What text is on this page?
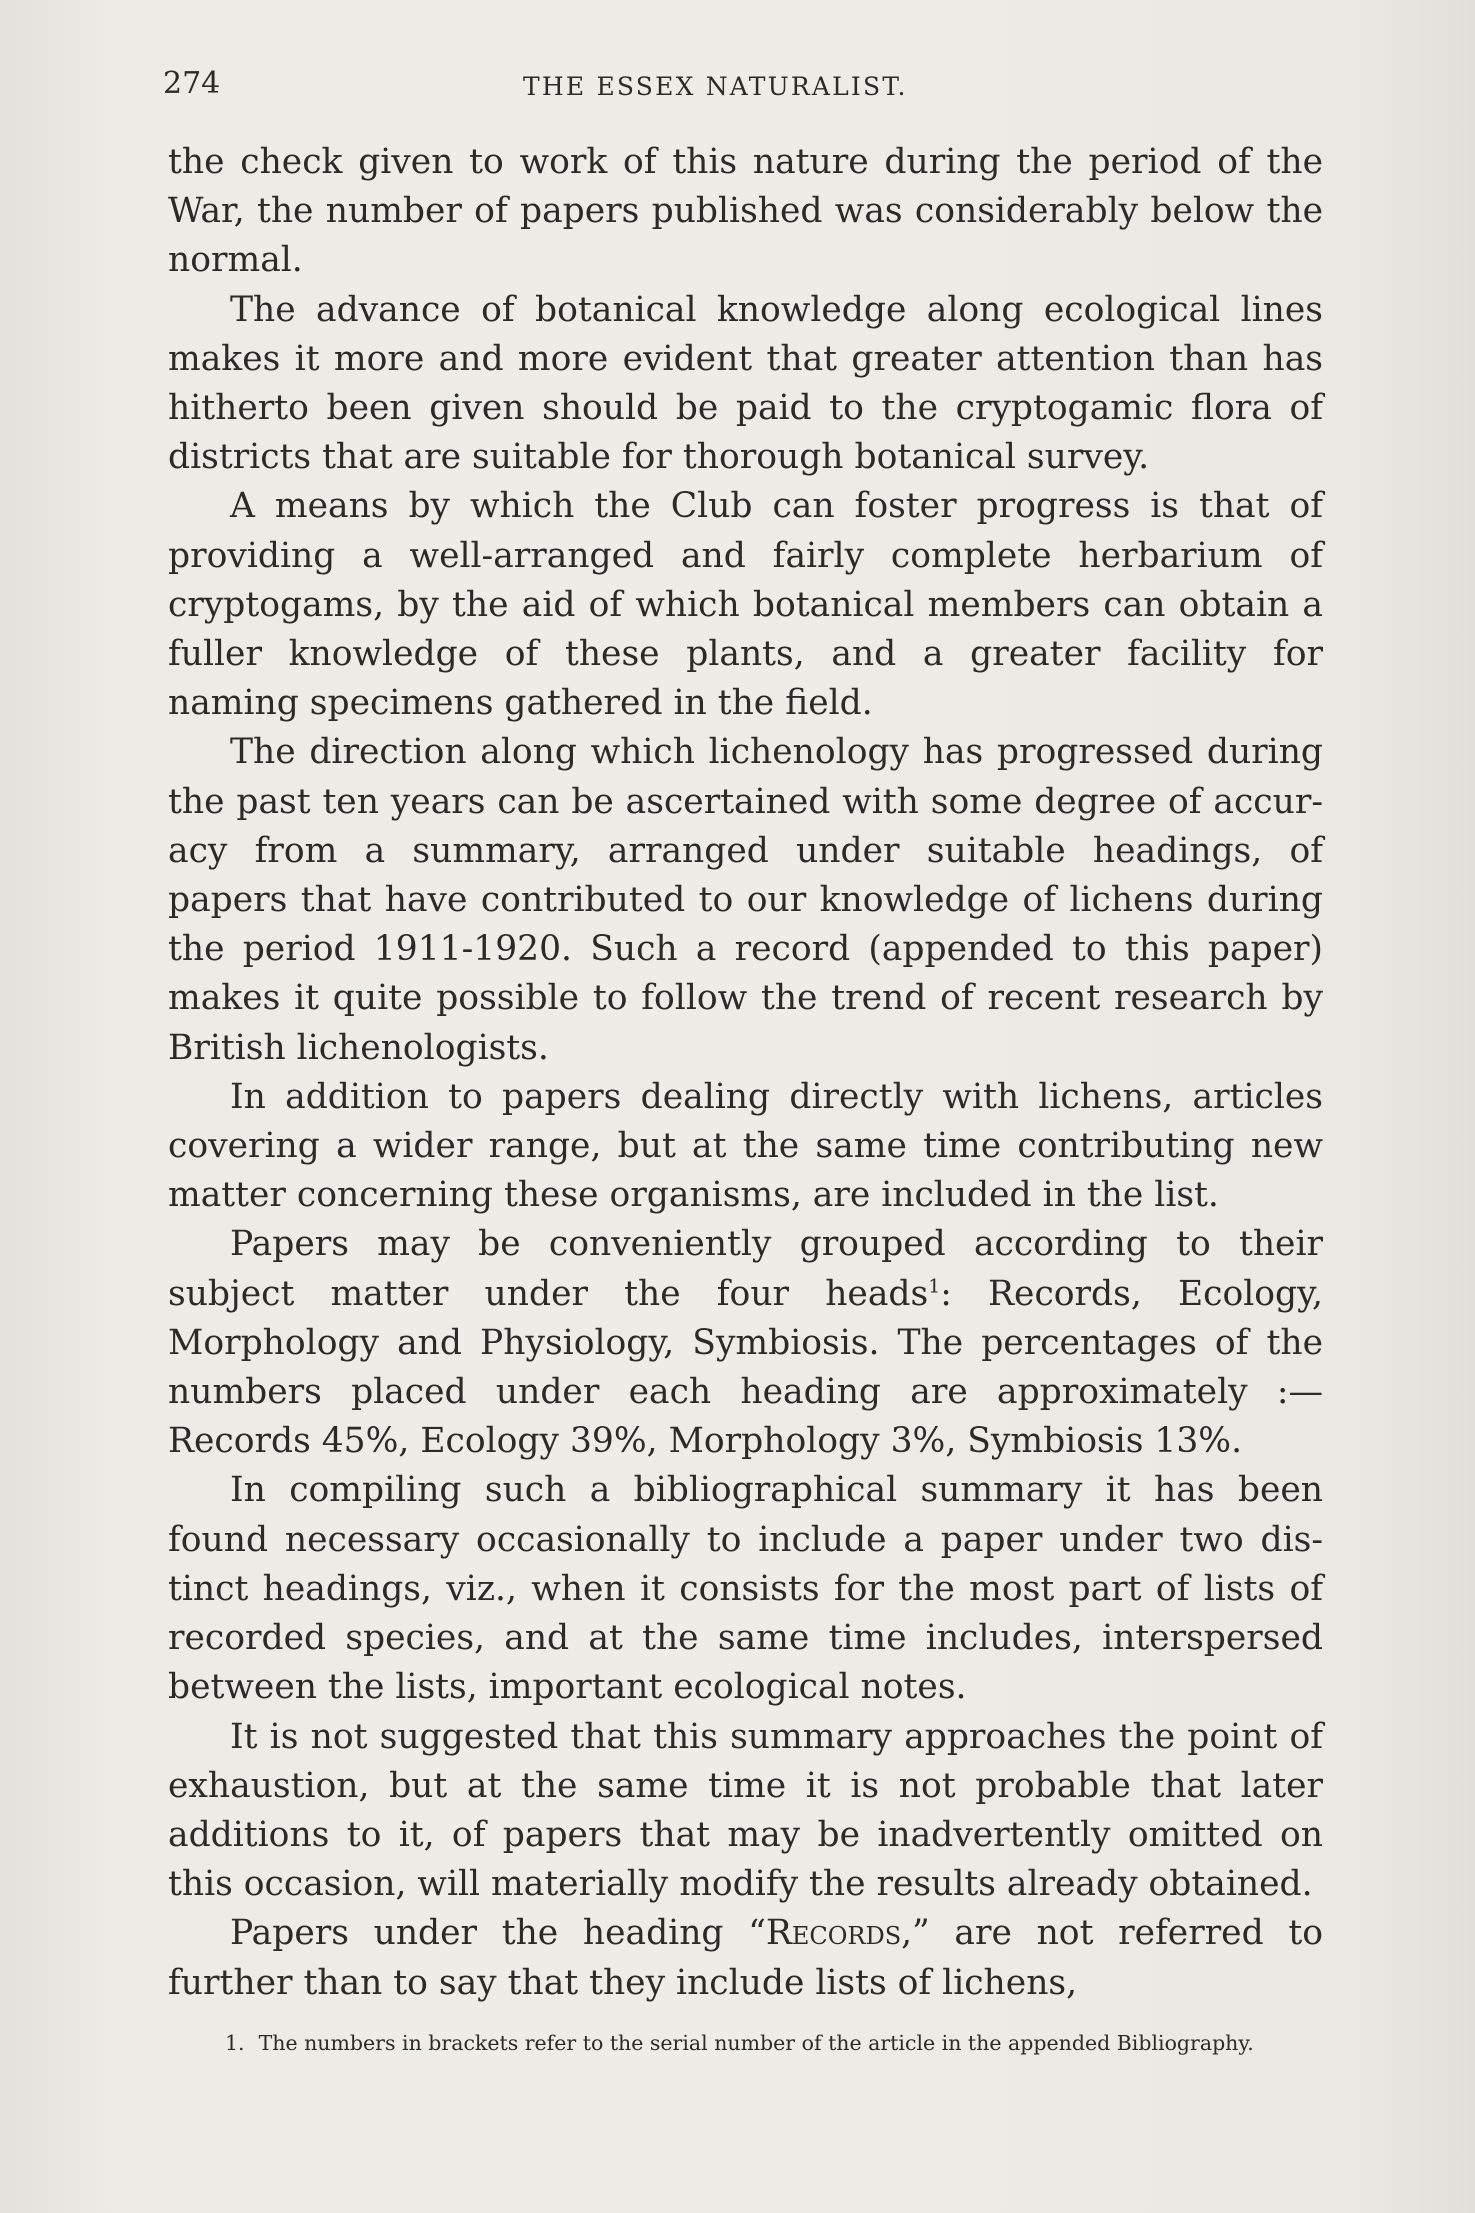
274	THE ESSEX NATURALIST.

the check given to work of this nature during the period of the War, the number of papers published was considerably below the normal.

The advance of botanical knowledge along ecological lines makes it more and more evident that greater attention than has hitherto been given should be paid to the cryptogamic flora of districts that are suitable for thorough botanical survey.

A means by which the Club can foster progress is that of providing a well-arranged and fairly complete herbarium of cryptogams, by the aid of which botanical members can obtain a fuller knowledge of these plants, and a greater facility for naming specimens gathered in the field.

The direction along which lichenology has progressed during the past ten years can be ascertained with some degree of accuracy from a summary, arranged under suitable headings, of papers that have contributed to our knowledge of lichens during the period 1911-1920. Such a record (appended to this paper) makes it quite possible to follow the trend of recent research by British lichenologists.

In addition to papers dealing directly with lichens, articles covering a wider range, but at the same time contributing new matter concerning these organisms, are included in the list.

Papers may be conveniently grouped according to their subject matter under the four heads$^1$: Records, Ecology, Morphology and Physiology, Symbiosis. The percentages of the numbers placed under each heading are approximately :— Records 45%, Ecology 39%, Morphology 3%, Symbiosis 13%.

In compiling such a bibliographical summary it has been found necessary occasionally to include a paper under two distinct headings, viz., when it consists for the most part of lists of recorded species, and at the same time includes, interspersed between the lists, important ecological notes.

It is not suggested that this summary approaches the point of exhaustion, but at the same time it is not probable that later additions to it, of papers that may be inadvertently omitted on this occasion, will materially modify the results already obtained.

Papers under the heading “Records,” are not referred to further than to say that they include lists of lichens,

1. The numbers in brackets refer to the serial number of the article in the appended Bibliography.
